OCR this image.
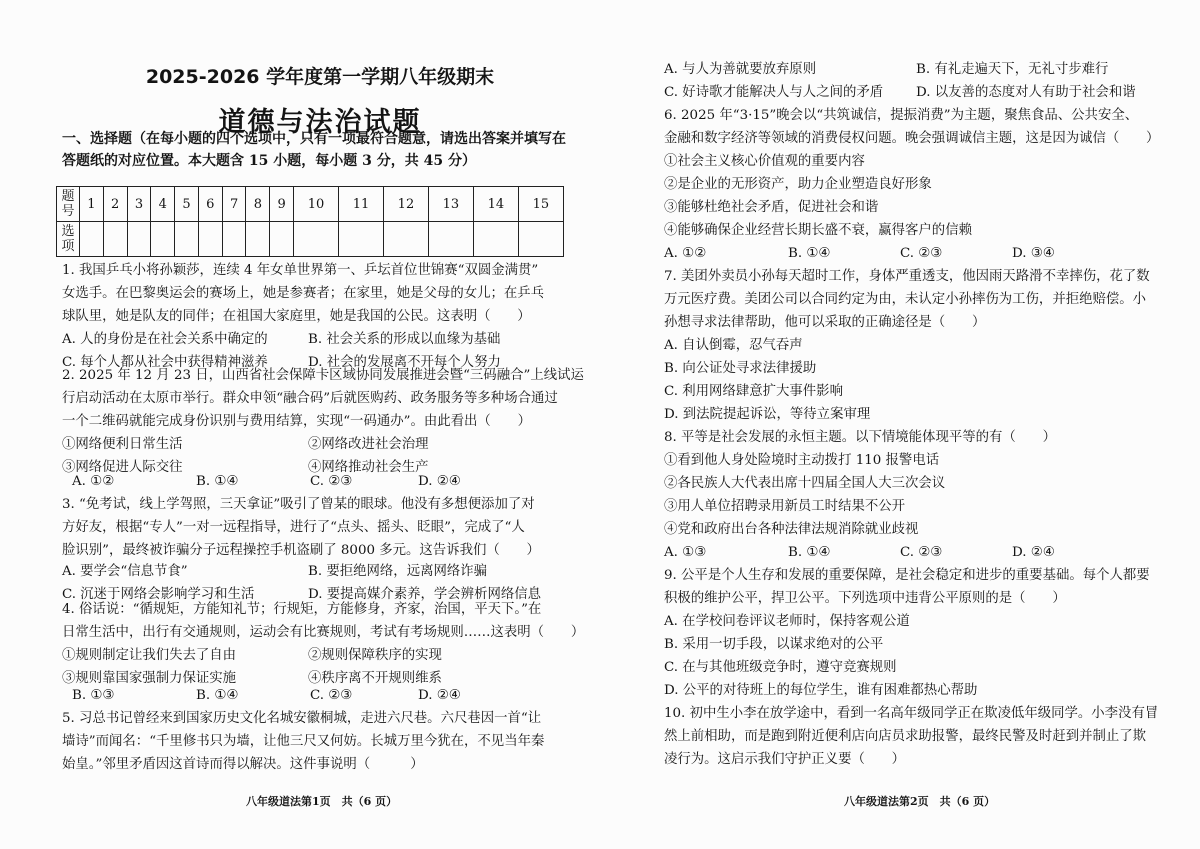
2025-2026 学年度第一学期八年级期末
道德与法治试题
一、选择题（在每小题的四个选项中，只有一项最符合题意，请选出答案并填写在
答题纸的对应位置。本大题含 15 小题，每小题 3 分，共 45 分）
题
号	1	2	3	4	5	6	7	8	9	10	11	12	13	14	15
选
项															
1. 我国乒乓小将孙颖莎，连续 4 年女单世界第一、乒坛首位世锦赛“双圆金满贯”
女选手。在巴黎奥运会的赛场上，她是参赛者；在家里，她是父母的女儿；在乒乓
球队里，她是队友的同伴；在祖国大家庭里，她是我国的公民。这表明（　　）
A. 人的身份是在社会关系中确定的	B. 社会关系的形成以血缘为基础
C. 每个人都从社会中获得精神滋养	D. 社会的发展离不开每个人努力
2. 2025 年 12 月 23 日，山西省社会保障卡区域协同发展推进会暨“三码融合”上线试运
行启动活动在太原市举行。群众申领“融合码”后就医购药、政务服务等多种场合通过
一个二维码就能完成身份识别与费用结算，实现“一码通办”。由此看出（　　）
①网络便利日常生活	②网络改进社会治理
③网络促进人际交往	④网络推动社会生产
A. ①②	B. ①④	C. ②③	D. ②④
3. “免考试，线上学驾照，三天拿证”吸引了曾某的眼球。他没有多想便添加了对
方好友，根据“专人”一对一远程指导，进行了“点头、摇头、眨眼”，完成了“人
脸识别”，最终被诈骗分子远程操控手机盗刷了 8000 多元。这告诉我们（　　）
A. 要学会“信息节食”	B. 要拒绝网络，远离网络诈骗
C. 沉迷于网络会影响学习和生活	D. 要提高媒介素养，学会辨析网络信息
4. 俗话说：“循规矩，方能知礼节；行规矩，方能修身，齐家，治国，平天下。”在
日常生活中，出行有交通规则，运动会有比赛规则，考试有考场规则……这表明（　　）
①规则制定让我们失去了自由	②规则保障秩序的实现
③规则靠国家强制力保证实施	④秩序离不开规则维系
B. ①③	B. ①④	C. ②③	D. ②④
5. 习总书记曾经来到国家历史文化名城安徽桐城，走进六尺巷。六尺巷因一首“让
墙诗”而闻名：“千里修书只为墙，让他三尺又何妨。长城万里今犹在，不见当年秦
始皇。”邻里矛盾因这首诗而得以解决。这件事说明（　　　）
八年级道法第1页　共（6 页）
A. 与人为善就要放弃原则	B. 有礼走遍天下，无礼寸步难行
C. 好诗歌才能解决人与人之间的矛盾 D. 以友善的态度对人有助于社会和谐
6. 2025 年“3·15”晚会以“共筑诚信，提振消费”为主题，聚焦食品、公共安全、
金融和数字经济等领域的消费侵权问题。晚会强调诚信主题，这是因为诚信（　　）
①社会主义核心价值观的重要内容
②是企业的无形资产，助力企业塑造良好形象
③能够杜绝社会矛盾，促进社会和谐
④能够确保企业经营长期长盛不衰，赢得客户的信赖
A. ①②	B. ①④	C. ②③	D. ③④
7. 美团外卖员小孙每天超时工作，身体严重透支，他因雨天路滑不幸摔伤，花了数
万元医疗费。美团公司以合同约定为由，未认定小孙摔伤为工伤，并拒绝赔偿。小
孙想寻求法律帮助，他可以采取的正确途径是（　　）
A. 自认倒霉，忍气吞声
B. 向公证处寻求法律援助
C. 利用网络肆意扩大事件影响
D. 到法院提起诉讼，等待立案审理
8. 平等是社会发展的永恒主题。以下情境能体现平等的有（　　）
①看到他人身处险境时主动拨打 110 报警电话
②各民族人大代表出席十四届全国人大三次会议
③用人单位招聘录用新员工时结果不公开
④党和政府出台各种法律法规消除就业歧视
A. ①③	B. ①④	C. ②③	D. ②④
9. 公平是个人生存和发展的重要保障，是社会稳定和进步的重要基础。每个人都要
积极的维护公平，捍卫公平。下列选项中违背公平原则的是（　　）
A. 在学校问卷评议老师时，保持客观公道
B. 采用一切手段，以谋求绝对的公平
C. 在与其他班级竞争时，遵守竞赛规则
D. 公平的对待班上的每位学生，谁有困难都热心帮助
10. 初中生小李在放学途中，看到一名高年级同学正在欺凌低年级同学。小李没有冒
然上前相助，而是跑到附近便利店向店员求助报警，最终民警及时赶到并制止了欺
凌行为。这启示我们守护正义要（　　）
八年级道法第2页　共（6 页）
